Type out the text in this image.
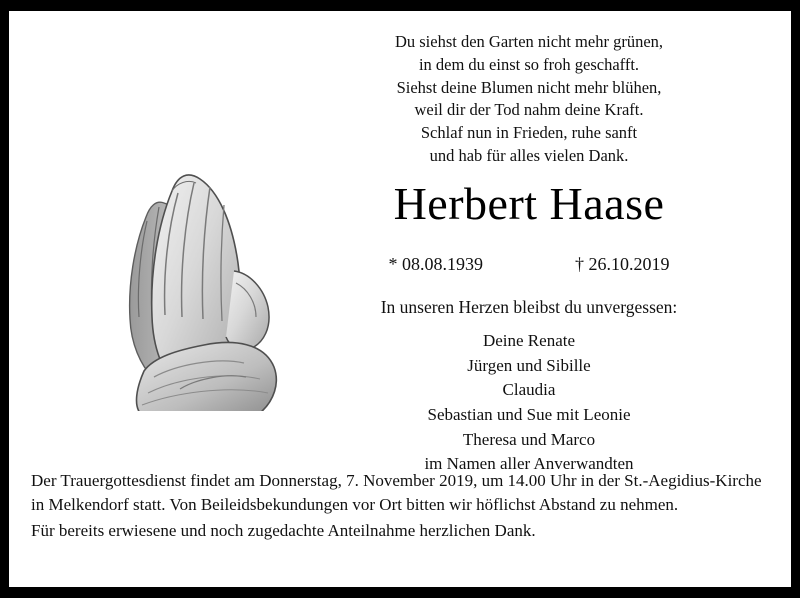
Du siehst den Garten nicht mehr grünen,
in dem du einst so froh geschafft.
Siehst deine Blumen nicht mehr blühen,
weil dir der Tod nahm deine Kraft.
Schlaf nun in Frieden, ruhe sanft
und hab für alles vielen Dank.
Herbert Haase
* 08.08.1939	† 26.10.2019
In unseren Herzen bleibst du unvergessen:
Deine Renate
Jürgen und Sibille
Claudia
Sebastian und Sue mit Leonie
Theresa und Marco
im Namen aller Anverwandten

Der Trauergottesdienst findet am Donnerstag, 7. November 2019, um 14.00 Uhr in der St.-Aegidius-Kirche in Melkendorf statt. Von Beileidsbekundungen vor Ort bitten wir höflichst Abstand zu nehmen.

Für bereits erwiesene und noch zugedachte Anteilnahme herzlichen Dank.
